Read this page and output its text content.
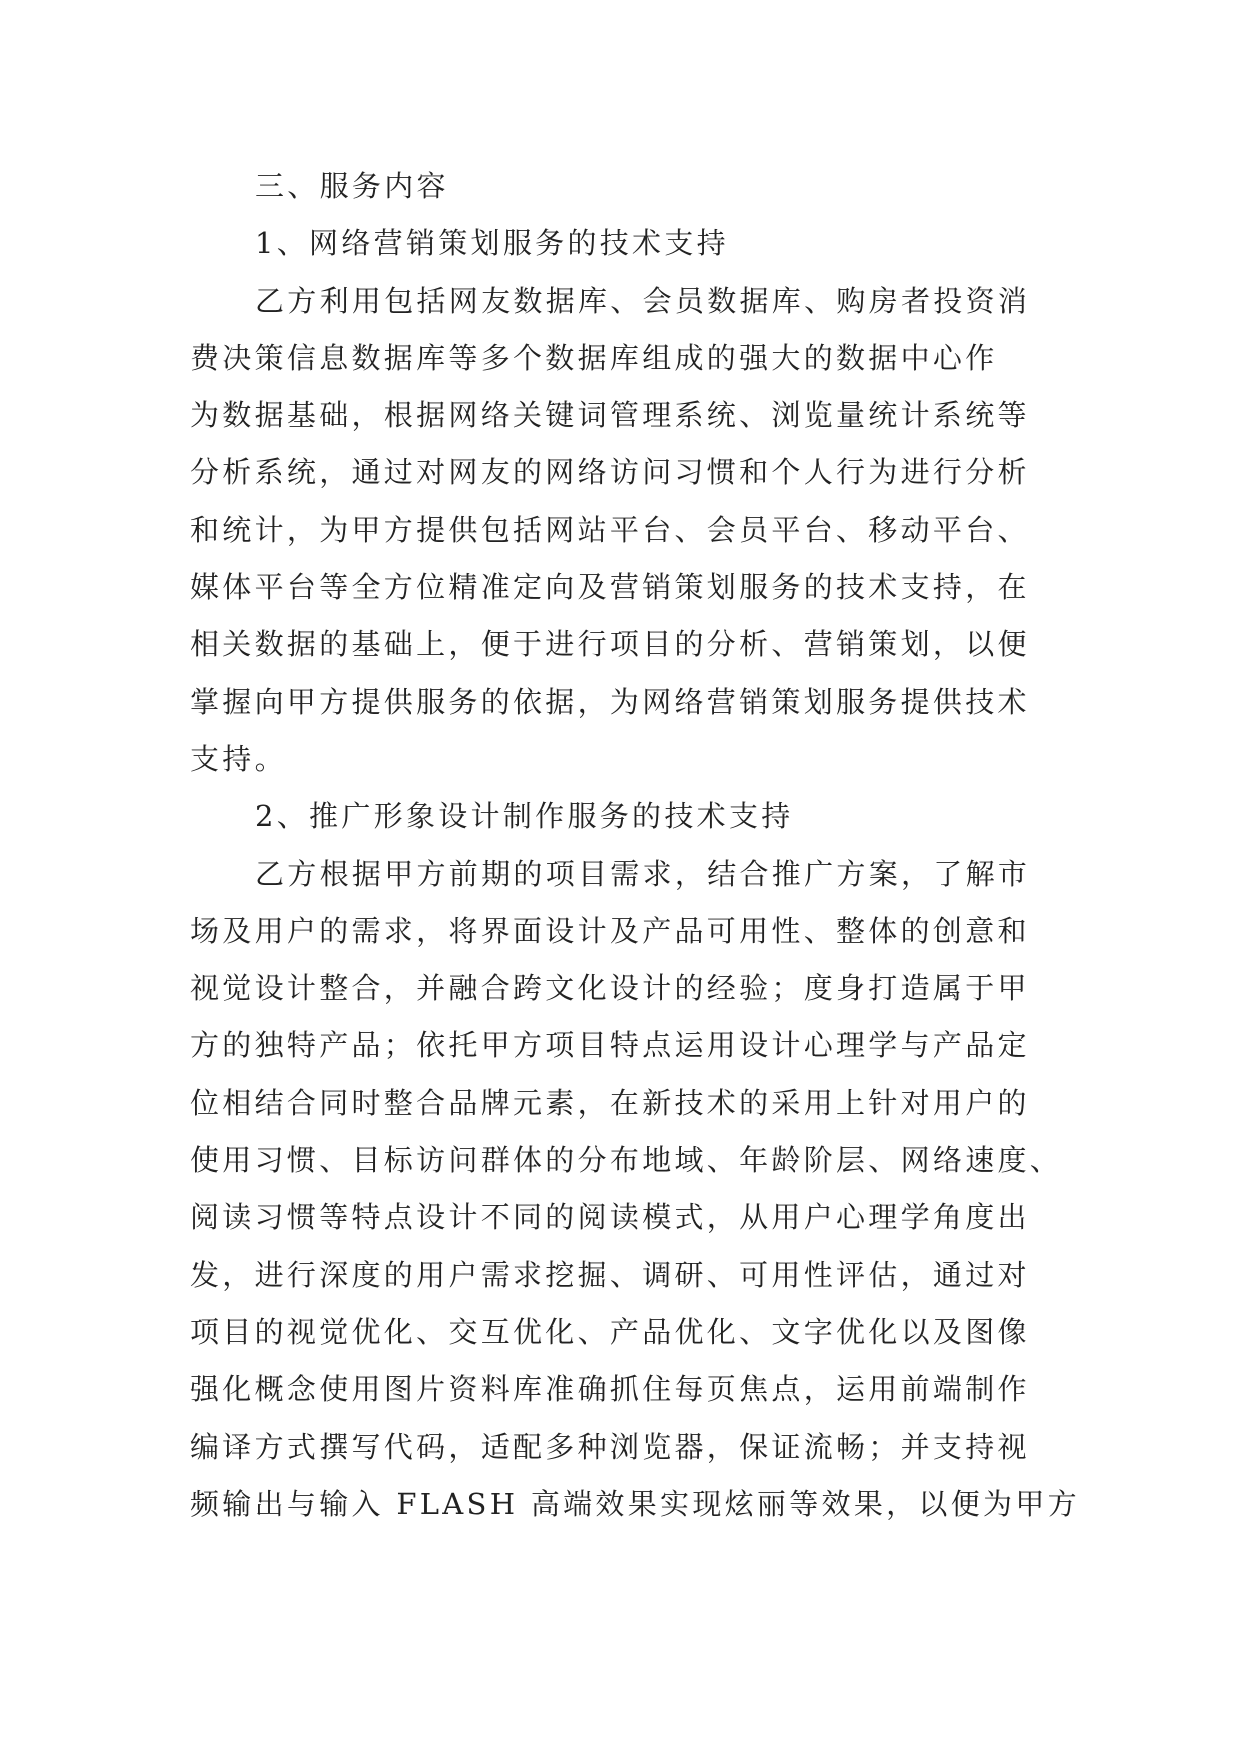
三、服务内容

1、网络营销策划服务的技术支持

乙方利用包括网友数据库、会员数据库、购房者投资消

费决策信息数据库等多个数据库组成的强大的数据中心作

为数据基础，根据网络关键词管理系统、浏览量统计系统等

分析系统，通过对网友的网络访问习惯和个人行为进行分析

和统计，为甲方提供包括网站平台、会员平台、移动平台、

媒体平台等全方位精准定向及营销策划服务的技术支持，在

相关数据的基础上，便于进行项目的分析、营销策划，以便

掌握向甲方提供服务的依据，为网络营销策划服务提供技术

支持。

2、推广形象设计制作服务的技术支持

乙方根据甲方前期的项目需求，结合推广方案，了解市

场及用户的需求，将界面设计及产品可用性、整体的创意和

视觉设计整合，并融合跨文化设计的经验；度身打造属于甲

方的独特产品；依托甲方项目特点运用设计心理学与产品定

位相结合同时整合品牌元素，在新技术的采用上针对用户的

使用习惯、目标访问群体的分布地域、年龄阶层、网络速度、

阅读习惯等特点设计不同的阅读模式，从用户心理学角度出

发，进行深度的用户需求挖掘、调研、可用性评估，通过对

项目的视觉优化、交互优化、产品优化、文字优化以及图像

强化概念使用图片资料库准确抓住每页焦点，运用前端制作

编译方式撰写代码，适配多种浏览器，保证流畅；并支持视

频输出与输入 FLASH 高端效果实现炫丽等效果，以便为甲方
